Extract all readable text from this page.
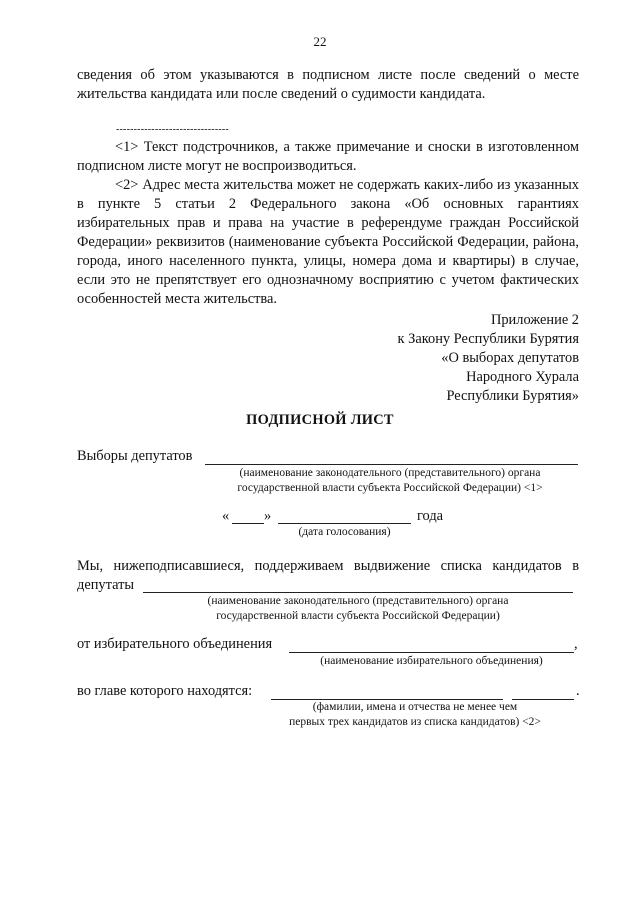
22
сведения об этом указываются в подписном листе после сведений о месте жительства кандидата или после сведений о судимости кандидата.
--------------------------------
<1> Текст подстрочников, а также примечание и сноски в изготовленном подписном листе могут не воспроизводиться.
<2> Адрес места жительства может не содержать каких-либо из указанных в пункте 5 статьи 2 Федерального закона «Об основных гарантиях избирательных прав и права на участие в референдуме граждан Российской Федерации» реквизитов (наименование субъекта Российской Федерации, района, города, иного населенного пункта, улицы, номера дома и квартиры) в случае, если это не препятствует его однозначному восприятию с учетом фактических особенностей места жительства.
Приложение 2
к Закону Республики Бурятия
«О выборах депутатов
Народного Хурала
Республики Бурятия»
ПОДПИСНОЙ ЛИСТ
Выборы депутатов
(наименование законодательного (представительного) органа
государственной власти субъекта Российской Федерации) <1>
« »	года
(дата голосования)
Мы, нижеподписавшиеся, поддерживаем выдвижение списка кандидатов в
депутаты
(наименование законодательного (представительного) органа
государственной власти субъекта Российской Федерации)
от избирательного объединения	,
(наименование избирательного объединения)
во главе которого находятся:	.
(фамилии, имена и отчества не менее чем
первых трех кандидатов из списка кандидатов) <2>
